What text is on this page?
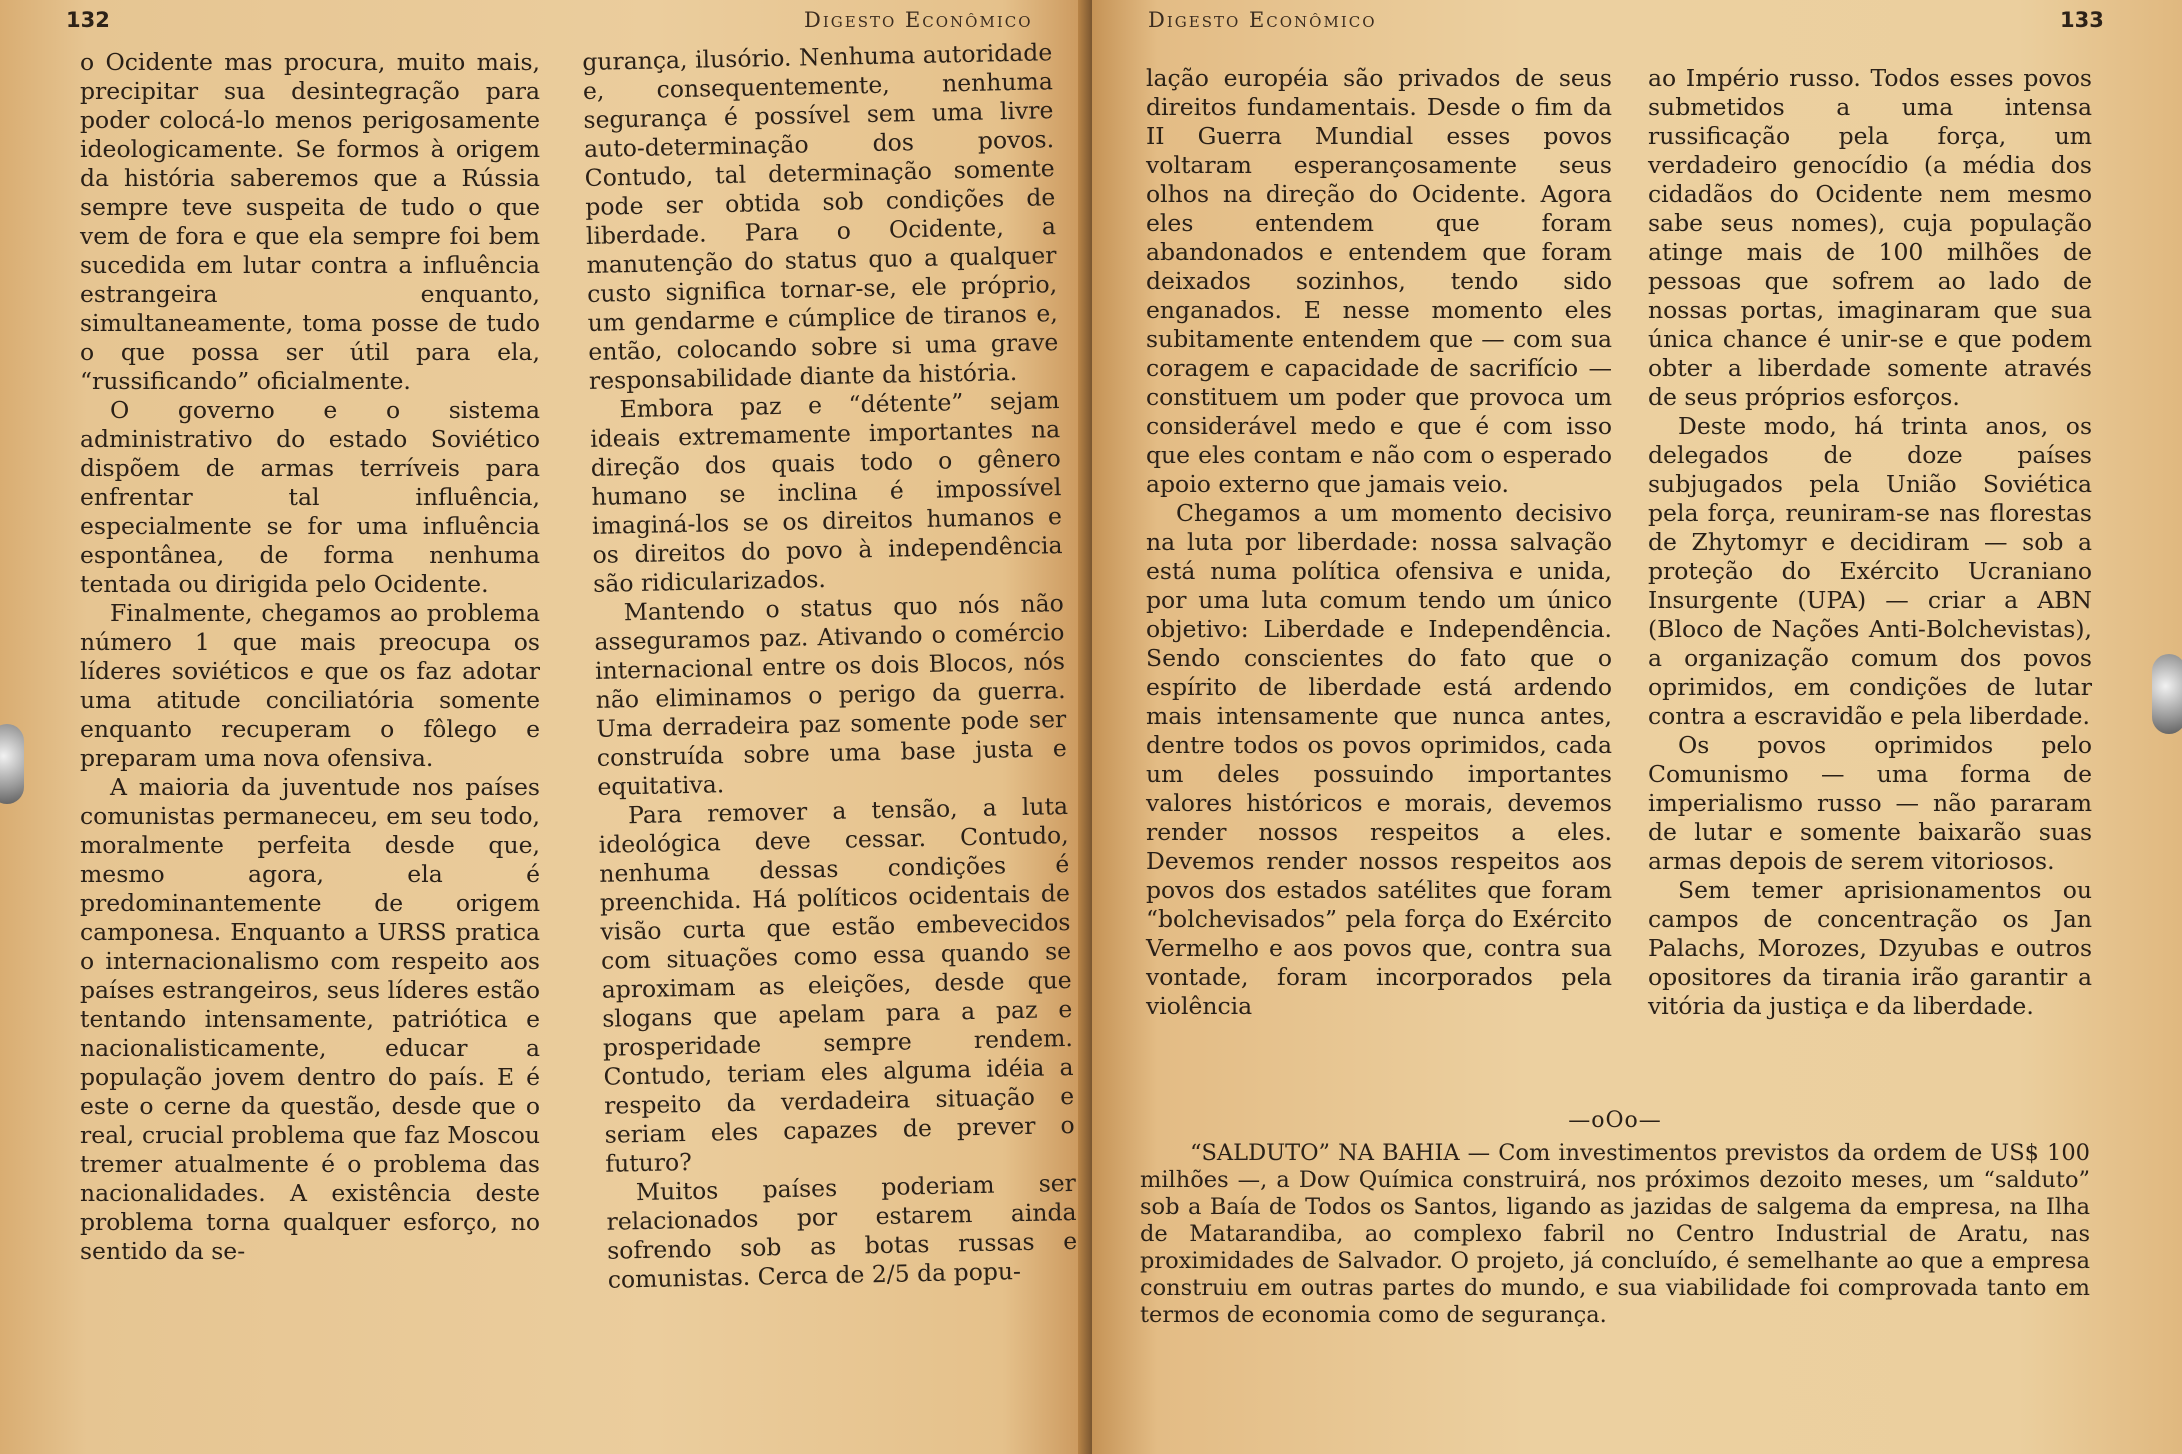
132	Digesto Econômico

o Ocidente mas procura, muito mais, precipitar sua desintegração para poder colocá-lo menos perigosamente ideologicamente. Se formos à origem da história saberemos que a Rússia sempre teve suspeita de tudo o que vem de fora e que ela sempre foi bem sucedida em lutar contra a influência estrangeira enquanto, simultaneamente, toma posse de tudo o que possa ser útil para ela, “russificando” oficialmente.

O governo e o sistema administrativo do estado Soviético dispõem de armas terríveis para enfrentar tal influência, especialmente se for uma influência espontânea, de forma nenhuma tentada ou dirigida pelo Ocidente.

Finalmente, chegamos ao problema número 1 que mais preocupa os líderes soviéticos e que os faz adotar uma atitude conciliatória somente enquanto recuperam o fôlego e preparam uma nova ofensiva.

A maioria da juventude nos países comunistas permaneceu, em seu todo, moralmente perfeita desde que, mesmo agora, ela é predominantemente de origem camponesa. Enquanto a URSS pratica o internacionalismo com respeito aos países estrangeiros, seus líderes estão tentando intensamente, patriótica e nacionalisticamente, educar a população jovem dentro do país. E é este o cerne da questão, desde que o real, crucial problema que faz Moscou tremer atualmente é o problema das nacionalidades. A existência deste problema torna qualquer esforço, no sentido da se-

gurança, ilusório. Nenhuma autoridade e, consequentemente, nenhuma segurança é possível sem uma livre auto-determinação dos povos. Contudo, tal determinação somente pode ser obtida sob condições de liberdade. Para o Ocidente, a manutenção do status quo a qualquer custo significa tornar-se, ele próprio, um gendarme e cúmplice de tiranos e, então, colocando sobre si uma grave responsabilidade diante da história.

Embora paz e “détente” sejam ideais extremamente importantes na direção dos quais todo o gênero humano se inclina é impossível imaginá-los se os direitos humanos e os direitos do povo à independência são ridicularizados.

Mantendo o status quo nós não asseguramos paz. Ativando o comércio internacional entre os dois Blocos, nós não eliminamos o perigo da guerra. Uma derradeira paz somente pode ser construída sobre uma base justa e equitativa.

Para remover a tensão, a luta ideológica deve cessar. Contudo, nenhuma dessas condições é preenchida. Há políticos ocidentais de visão curta que estão embevecidos com situações como essa quando se aproximam as eleições, desde que slogans que apelam para a paz e prosperidade sempre rendem. Contudo, teriam eles alguma idéia a respeito da verdadeira situação e seriam eles capazes de prever o futuro?

Muitos países poderiam ser relacionados por estarem ainda sofrendo sob as botas russas e comunistas. Cerca de 2/5 da popu-

Digesto Econômico	133

lação européia são privados de seus direitos fundamentais. Desde o fim da II Guerra Mundial esses povos voltaram esperançosamente seus olhos na direção do Ocidente. Agora eles entendem que foram abandonados e entendem que foram deixados sozinhos, tendo sido enganados. E nesse momento eles subitamente entendem que — com sua coragem e capacidade de sacrifício — constituem um poder que provoca um considerável medo e que é com isso que eles contam e não com o esperado apoio externo que jamais veio.

Chegamos a um momento decisivo na luta por liberdade: nossa salvação está numa política ofensiva e unida, por uma luta comum tendo um único objetivo: Liberdade e Independência. Sendo conscientes do fato que o espírito de liberdade está ardendo mais intensamente que nunca antes, dentre todos os povos oprimidos, cada um deles possuindo importantes valores históricos e morais, devemos render nossos respeitos a eles. Devemos render nossos respeitos aos povos dos estados satélites que foram “bolchevisados” pela força do Exército Vermelho e aos povos que, contra sua vontade, foram incorporados pela violência

ao Império russo. Todos esses povos submetidos a uma intensa russificação pela força, um verdadeiro genocídio (a média dos cidadãos do Ocidente nem mesmo sabe seus nomes), cuja população atinge mais de 100 milhões de pessoas que sofrem ao lado de nossas portas, imaginaram que sua única chance é unir-se e que podem obter a liberdade somente através de seus próprios esforços.

Deste modo, há trinta anos, os delegados de doze países subjugados pela União Soviética pela força, reuniram-se nas florestas de Zhytomyr e decidiram — sob a proteção do Exército Ucraniano Insurgente (UPA) — criar a ABN (Bloco de Nações Anti-Bolchevistas), a organização comum dos povos oprimidos, em condições de lutar contra a escravidão e pela liberdade.

Os povos oprimidos pelo Comunismo — uma forma de imperialismo russo — não pararam de lutar e somente baixarão suas armas depois de serem vitoriosos.

Sem temer aprisionamentos ou campos de concentração os Jan Palachs, Morozes, Dzyubas e outros opositores da tirania irão garantir a vitória da justiça e da liberdade.

—oOo—

“SALDUTO” NA BAHIA — Com investimentos previstos da ordem de US$ 100 milhões —, a Dow Química construirá, nos próximos dezoito meses, um “salduto” sob a Baía de Todos os Santos, ligando as jazidas de salgema da empresa, na Ilha de Matarandiba, ao complexo fabril no Centro Industrial de Aratu, nas proximidades de Salvador. O projeto, já concluído, é semelhante ao que a empresa construiu em outras partes do mundo, e sua viabilidade foi comprovada tanto em termos de economia como de segurança.
